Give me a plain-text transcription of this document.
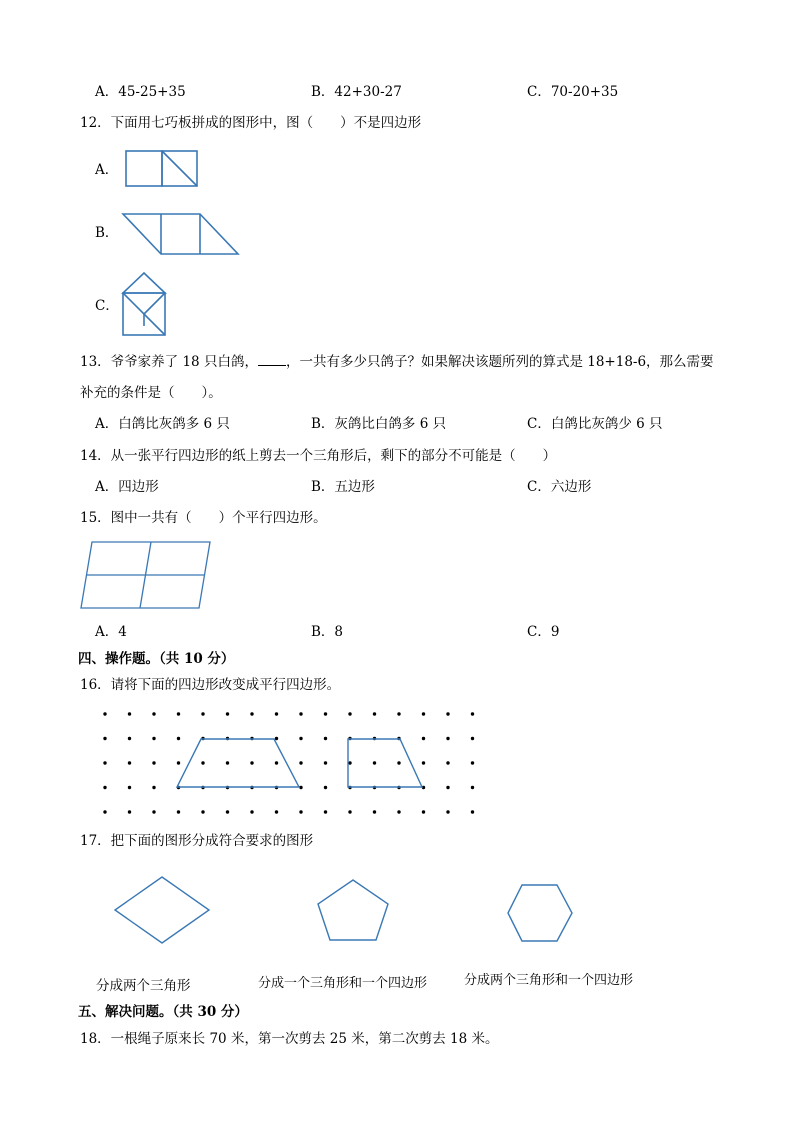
A．45-25+35	B．42+30-27	C．70-20+35
12．下面用七巧板拼成的图形中，图（　　）不是四边形
A．
B．
C．
13．爷爷家养了 18 只白鸽， ，一共有多少只鸽子？如果解决该题所列的算式是 18+18-6，那么需要
补充的条件是（　　）。
A．白鸽比灰鸽多 6 只	B．灰鸽比白鸽多 6 只	C．白鸽比灰鸽少 6 只
14．从一张平行四边形的纸上剪去一个三角形后，剩下的部分不可能是（　　）
A．四边形	B．五边形	C．六边形
15．图中一共有（　　）个平行四边形。
A．4	B．8	C．9
四、操作题。（共 10 分）
16．请将下面的四边形改变成平行四边形。
17．把下面的图形分成符合要求的图形
分成两个三角形	分成一个三角形和一个四边形	分成两个三角形和一个四边形
五、解决问题。（共 30 分）
18．一根绳子原来长 70 米，第一次剪去 25 米，第二次剪去 18 米。
